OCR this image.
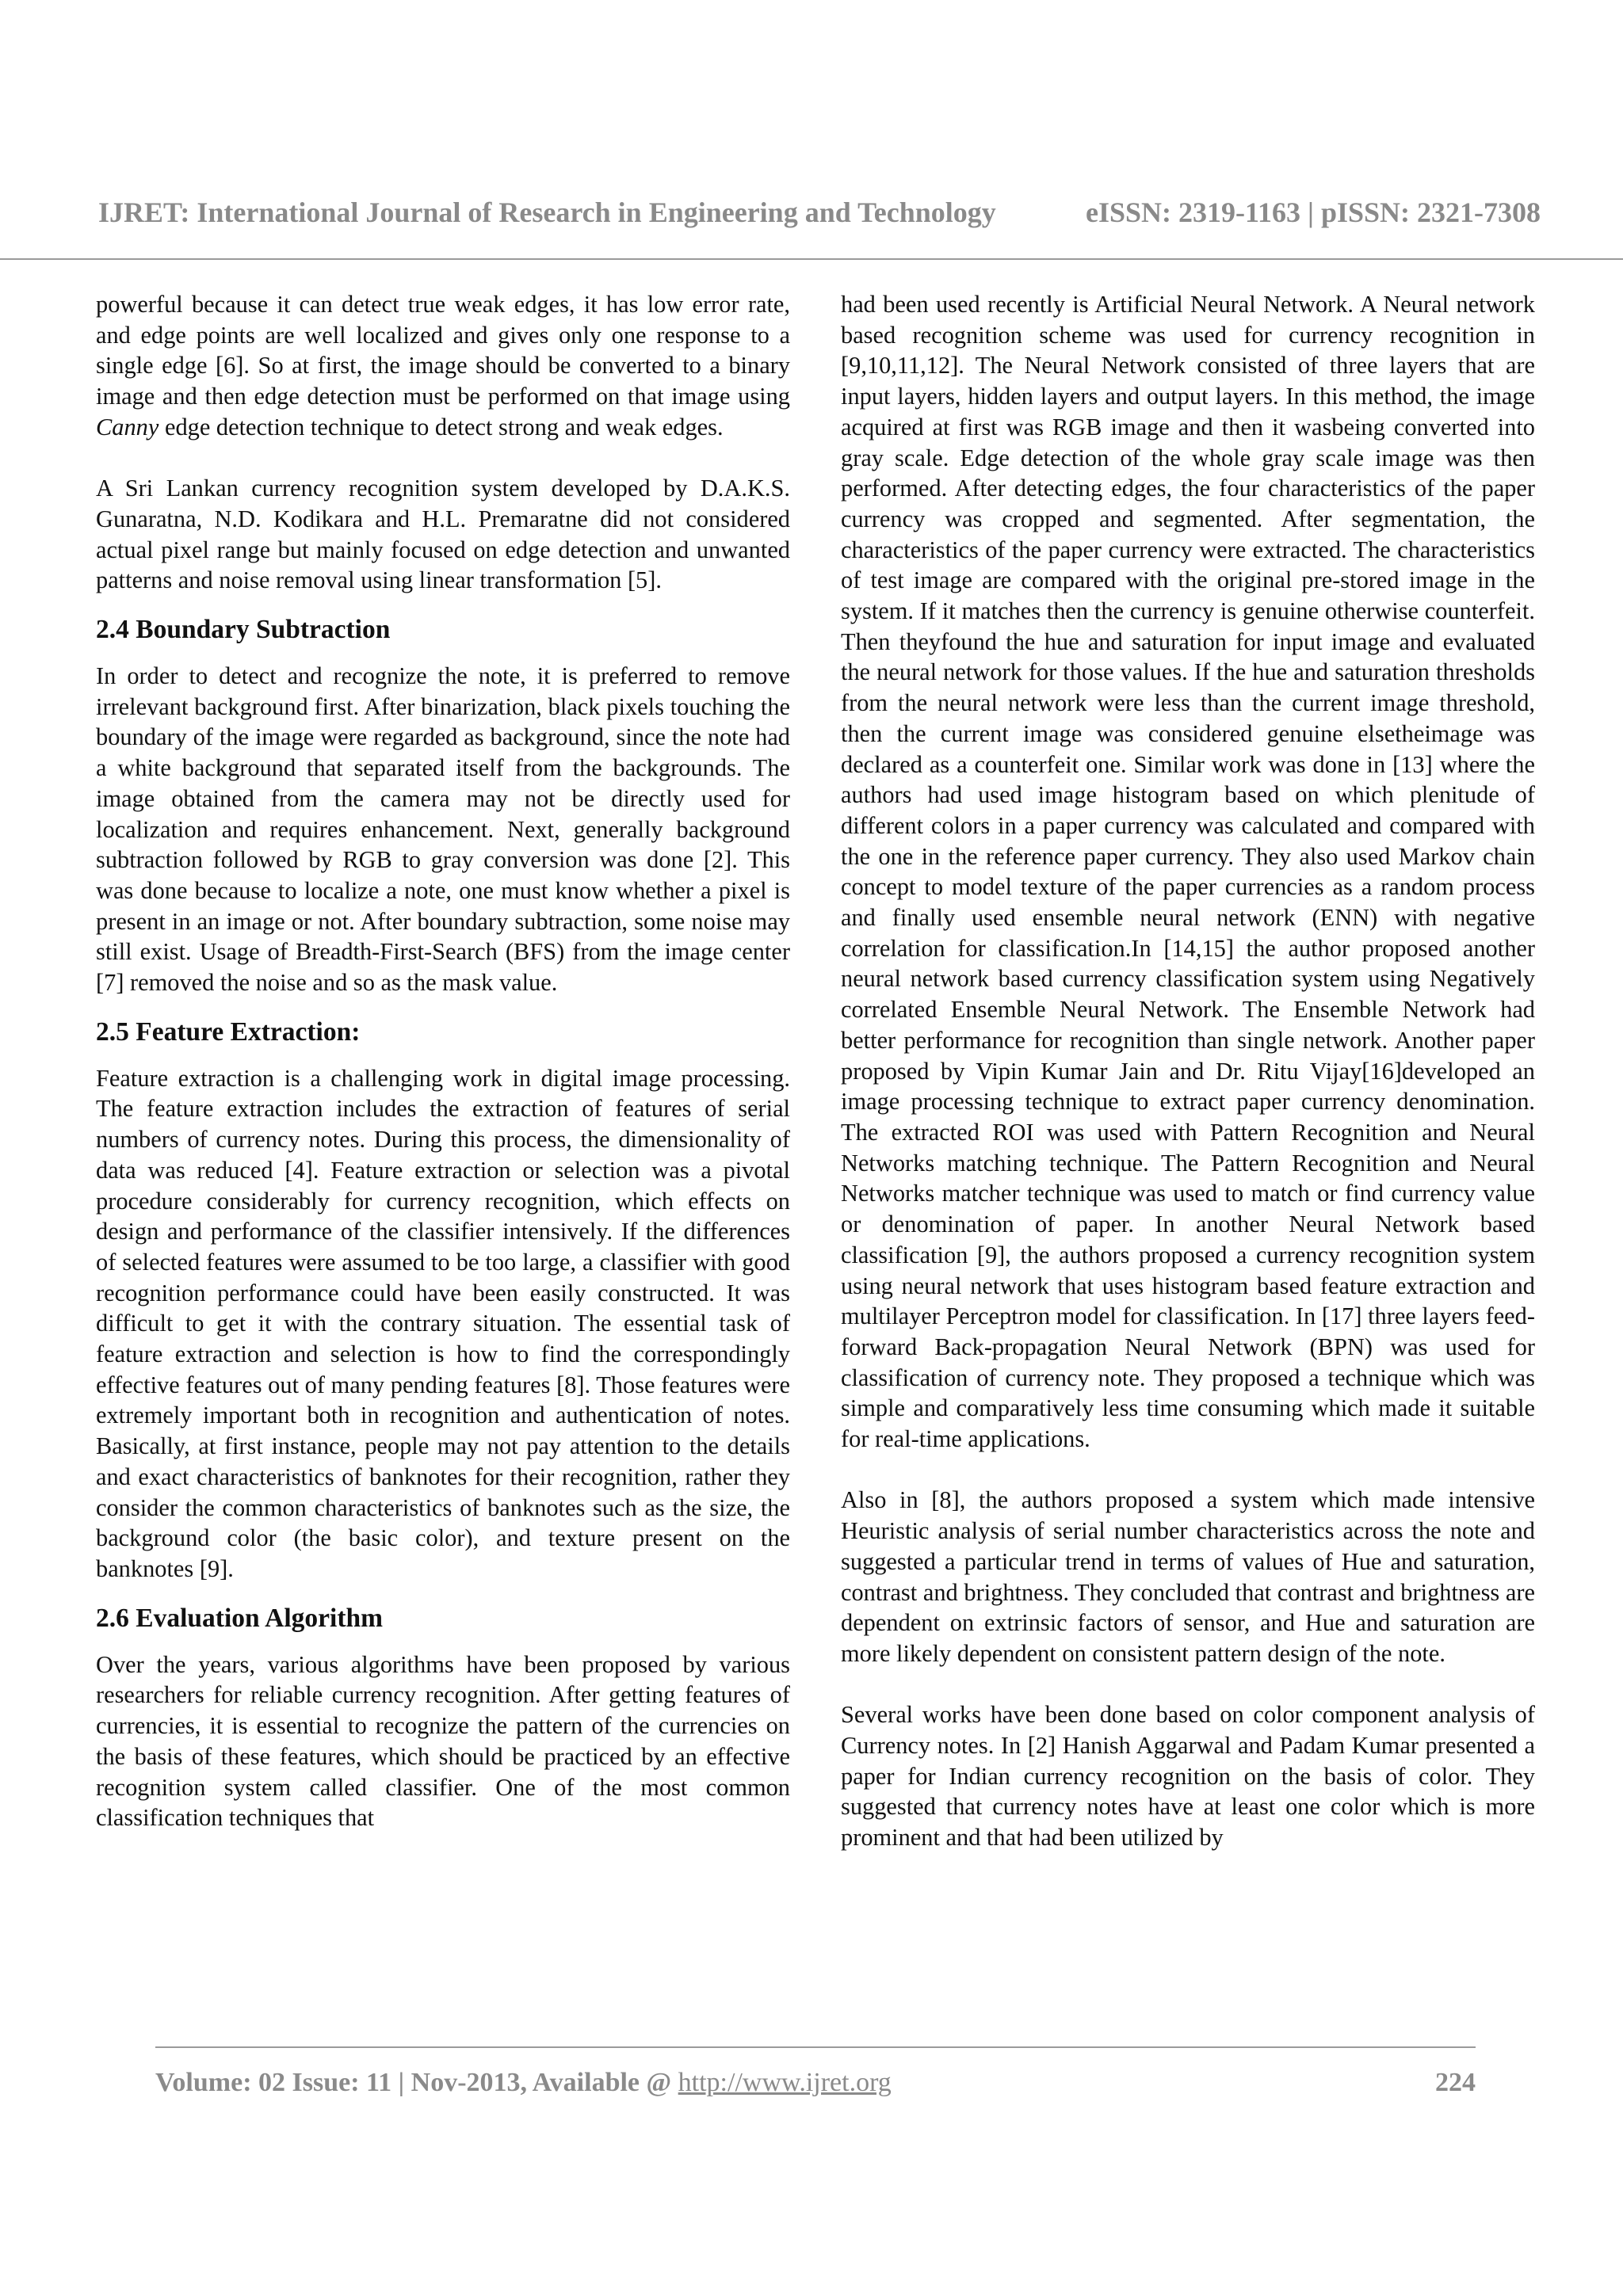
IJRET: International Journal of Research in Engineering and Technology	eISSN: 2319-1163 | pISSN: 2321-7308

powerful because it can detect true weak edges, it has low error rate, and edge points are well localized and gives only one response to a single edge [6]. So at first, the image should be converted to a binary image and then edge detection must be performed on that image using Canny edge detection technique to detect strong and weak edges.

A Sri Lankan currency recognition system developed by D.A.K.S. Gunaratna, N.D. Kodikara and H.L. Premaratne did not considered actual pixel range but mainly focused on edge detection and unwanted patterns and noise removal using linear transformation [5].

2.4 Boundary Subtraction

In order to detect and recognize the note, it is preferred to remove irrelevant background first. After binarization, black pixels touching the boundary of the image were regarded as background, since the note had a white background that separated itself from the backgrounds. The image obtained from the camera may not be directly used for localization and requires enhancement. Next, generally background subtraction followed by RGB to gray conversion was done [2]. This was done because to localize a note, one must know whether a pixel is present in an image or not. After boundary subtraction, some noise may still exist. Usage of Breadth-First-Search (BFS) from the image center [7] removed the noise and so as the mask value.

2.5 Feature Extraction:

Feature extraction is a challenging work in digital image processing. The feature extraction includes the extraction of features of serial numbers of currency notes. During this process, the dimensionality of data was reduced [4]. Feature extraction or selection was a pivotal procedure considerably for currency recognition, which effects on design and performance of the classifier intensively. If the differences of selected features were assumed to be too large, a classifier with good recognition performance could have been easily constructed. It was difficult to get it with the contrary situation. The essential task of feature extraction and selection is how to find the correspondingly effective features out of many pending features [8]. Those features were extremely important both in recognition and authentication of notes. Basically, at first instance, people may not pay attention to the details and exact characteristics of banknotes for their recognition, rather they consider the common characteristics of banknotes such as the size, the background color (the basic color), and texture present on the banknotes [9].

2.6 Evaluation Algorithm

Over the years, various algorithms have been proposed by various researchers for reliable currency recognition. After getting features of currencies, it is essential to recognize the pattern of the currencies on the basis of these features, which should be practiced by an effective recognition system called classifier. One of the most common classification techniques that

had been used recently is Artificial Neural Network. A Neural network based recognition scheme was used for currency recognition in [9,10,11,12]. The Neural Network consisted of three layers that are input layers, hidden layers and output layers. In this method, the image acquired at first was RGB image and then it wasbeing converted into gray scale. Edge detection of the whole gray scale image was then performed. After detecting edges, the four characteristics of the paper currency was cropped and segmented. After segmentation, the characteristics of the paper currency were extracted. The characteristics of test image are compared with the original pre-stored image in the system. If it matches then the currency is genuine otherwise counterfeit. Then theyfound the hue and saturation for input image and evaluated the neural network for those values. If the hue and saturation thresholds from the neural network were less than the current image threshold, then the current image was considered genuine elsetheimage was declared as a counterfeit one. Similar work was done in [13] where the authors had used image histogram based on which plenitude of different colors in a paper currency was calculated and compared with the one in the reference paper currency. They also used Markov chain concept to model texture of the paper currencies as a random process and finally used ensemble neural network (ENN) with negative correlation for classification.In [14,15] the author proposed another neural network based currency classification system using Negatively correlated Ensemble Neural Network. The Ensemble Network had better performance for recognition than single network. Another paper proposed by Vipin Kumar Jain and Dr. Ritu Vijay[16]developed an image processing technique to extract paper currency denomination. The extracted ROI was used with Pattern Recognition and Neural Networks matching technique. The Pattern Recognition and Neural Networks matcher technique was used to match or find currency value or denomination of paper. In another Neural Network based classification [9], the authors proposed a currency recognition system using neural network that uses histogram based feature extraction and multilayer Perceptron model for classification. In [17] three layers feed-forward Back-propagation Neural Network (BPN) was used for classification of currency note. They proposed a technique which was simple and comparatively less time consuming which made it suitable for real-time applications.

Also in [8], the authors proposed a system which made intensive Heuristic analysis of serial number characteristics across the note and suggested a particular trend in terms of values of Hue and saturation, contrast and brightness. They concluded that contrast and brightness are dependent on extrinsic factors of sensor, and Hue and saturation are more likely dependent on consistent pattern design of the note.

Several works have been done based on color component analysis of Currency notes. In [2] Hanish Aggarwal and Padam Kumar presented a paper for Indian currency recognition on the basis of color. They suggested that currency notes have at least one color which is more prominent and that had been utilized by

Volume: 02 Issue: 11 | Nov-2013, Available @ http://www.ijret.org	224
